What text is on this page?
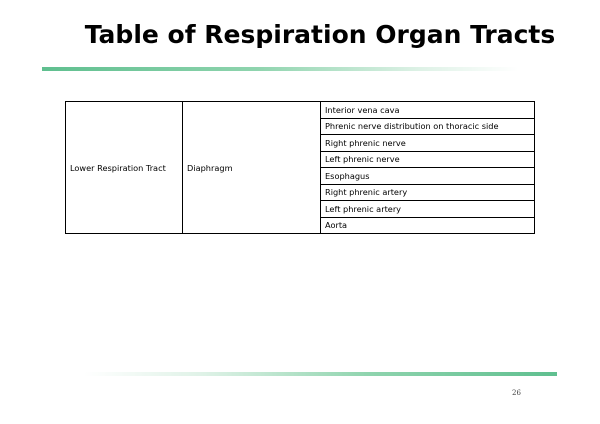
Table of Respiration Organ Tracts
Lower Respiration Tract	Diaphragm	Interior vena cava
Phrenic nerve distribution on thoracic side
Right phrenic nerve
Left phrenic nerve
Esophagus
Right phrenic artery
Left phrenic artery
Aorta
26
